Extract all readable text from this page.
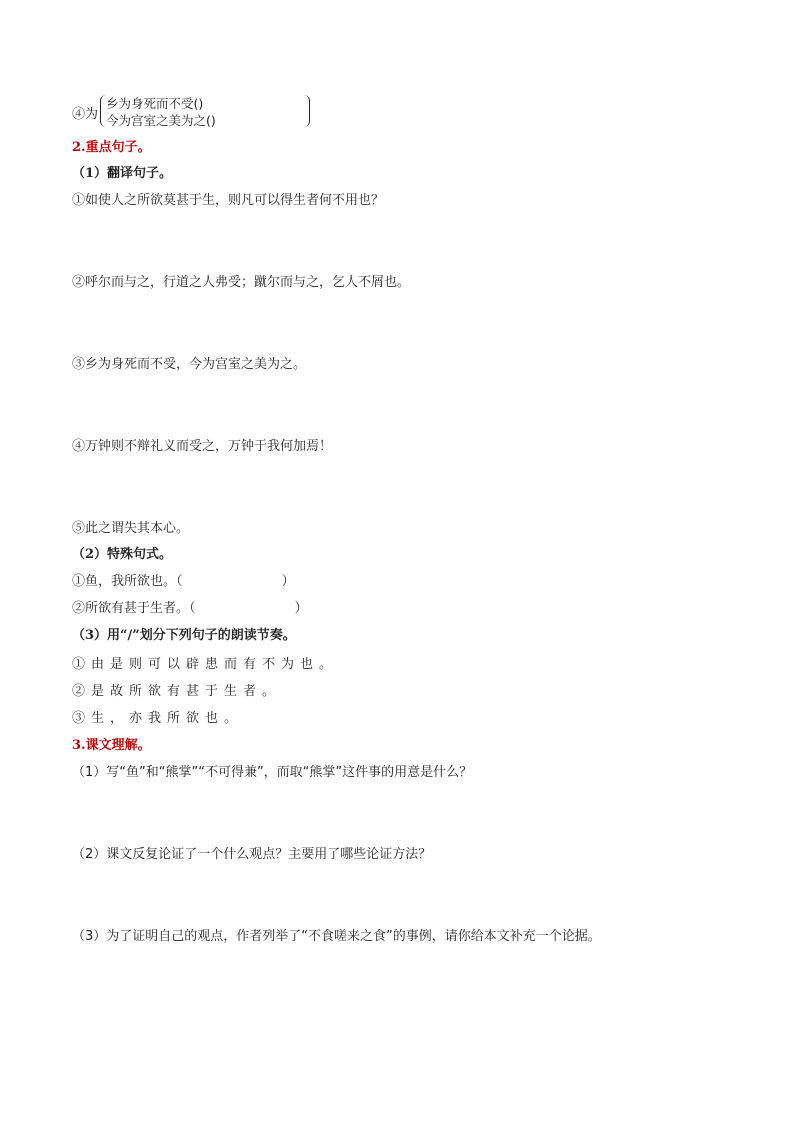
④为
乡为身死而不受()
今为宫室之美为之()
2.重点句子。
（1）翻译句子。
①如使人之所欲莫甚于生，则凡可以得生者何不用也？
②呼尔而与之，行道之人弗受；蹴尔而与之，乞人不屑也。
③乡为身死而不受，今为宫室之美为之。
④万钟则不辩礼义而受之，万钟于我何加焉！
⑤此之谓失其本心。
（2）特殊句式。
①鱼，我所欲也。（                        ）
②所欲有甚于生者。（                        ）
（3）用“/”划分下列句子的朗读节奏。
①由是则可以辟患而有不为也。
②是故所欲有甚于生者。
③生，亦我所欲也。
3.课文理解。
（1）写“鱼”和“熊掌”“不可得兼”，而取“熊掌”这件事的用意是什么？
（2）课文反复论证了一个什么观点？主要用了哪些论证方法？
（3）为了证明自己的观点，作者列举了“不食嗟来之食”的事例，请你给本文补充一个论据。
